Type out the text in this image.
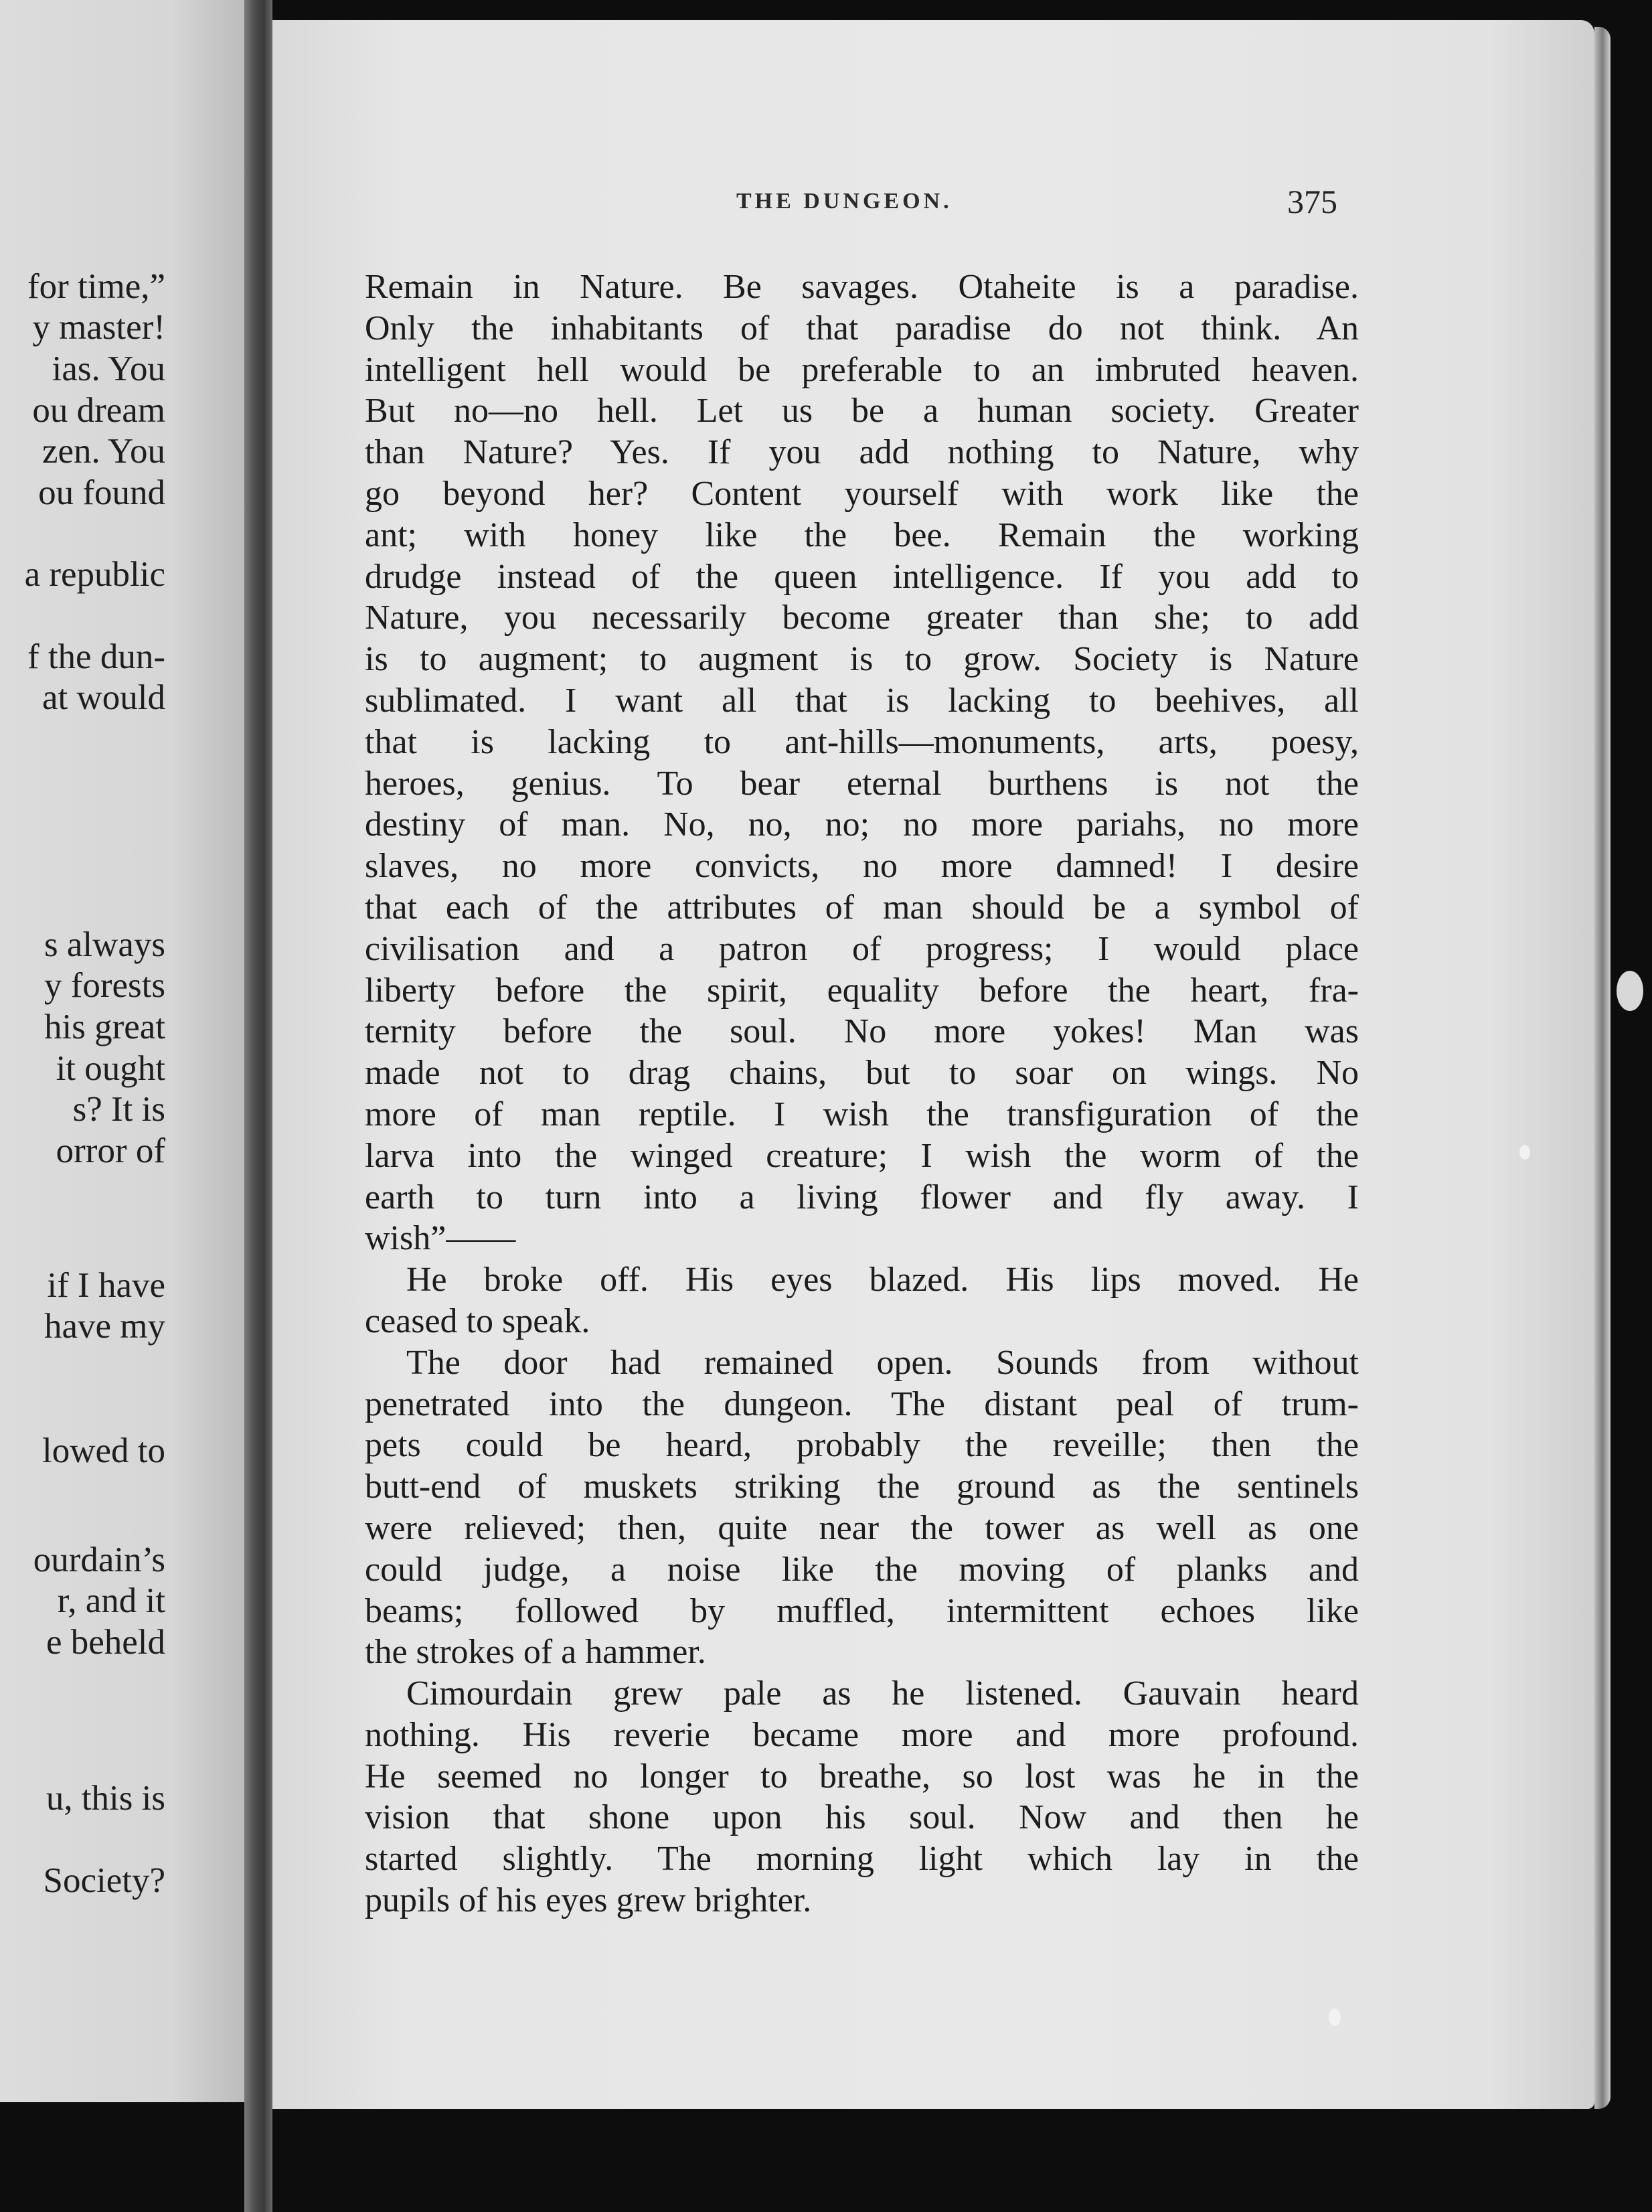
for time,”
y master!
ias. You
ou dream
zen. You
ou found
a republic
f the dun-
at would
s always
y forests
his great
it ought
s? It is
orror of
if I have
have my
lowed to
ourdain’s
r, and it
e beheld
u, this is
Society?
THE DUNGEON.	375
Remain in Nature. Be savages. Otaheite is a paradise.
Only the inhabitants of that paradise do not think. An
intelligent hell would be preferable to an imbruted heaven.
But no—no hell. Let us be a human society. Greater
than Nature? Yes. If you add nothing to Nature, why
go beyond her? Content yourself with work like the
ant; with honey like the bee. Remain the working
drudge instead of the queen intelligence. If you add to
Nature, you necessarily become greater than she; to add
is to augment; to augment is to grow. Society is Nature
sublimated. I want all that is lacking to beehives, all
that is lacking to ant-hills—monuments, arts, poesy,
heroes, genius. To bear eternal burthens is not the
destiny of man. No, no, no; no more pariahs, no more
slaves, no more convicts, no more damned! I desire
that each of the attributes of man should be a symbol of
civilisation and a patron of progress; I would place
liberty before the spirit, equality before the heart, fra-
ternity before the soul. No more yokes! Man was
made not to drag chains, but to soar on wings. No
more of man reptile. I wish the transfiguration of the
larva into the winged creature; I wish the worm of the
earth to turn into a living flower and fly away. I
wish”——
He broke off. His eyes blazed. His lips moved. He
ceased to speak.
The door had remained open. Sounds from without
penetrated into the dungeon. The distant peal of trum-
pets could be heard, probably the reveille; then the
butt-end of muskets striking the ground as the sentinels
were relieved; then, quite near the tower as well as one
could judge, a noise like the moving of planks and
beams; followed by muffled, intermittent echoes like
the strokes of a hammer.
Cimourdain grew pale as he listened. Gauvain heard
nothing. His reverie became more and more profound.
He seemed no longer to breathe, so lost was he in the
vision that shone upon his soul. Now and then he
started slightly. The morning light which lay in the
pupils of his eyes grew brighter.
